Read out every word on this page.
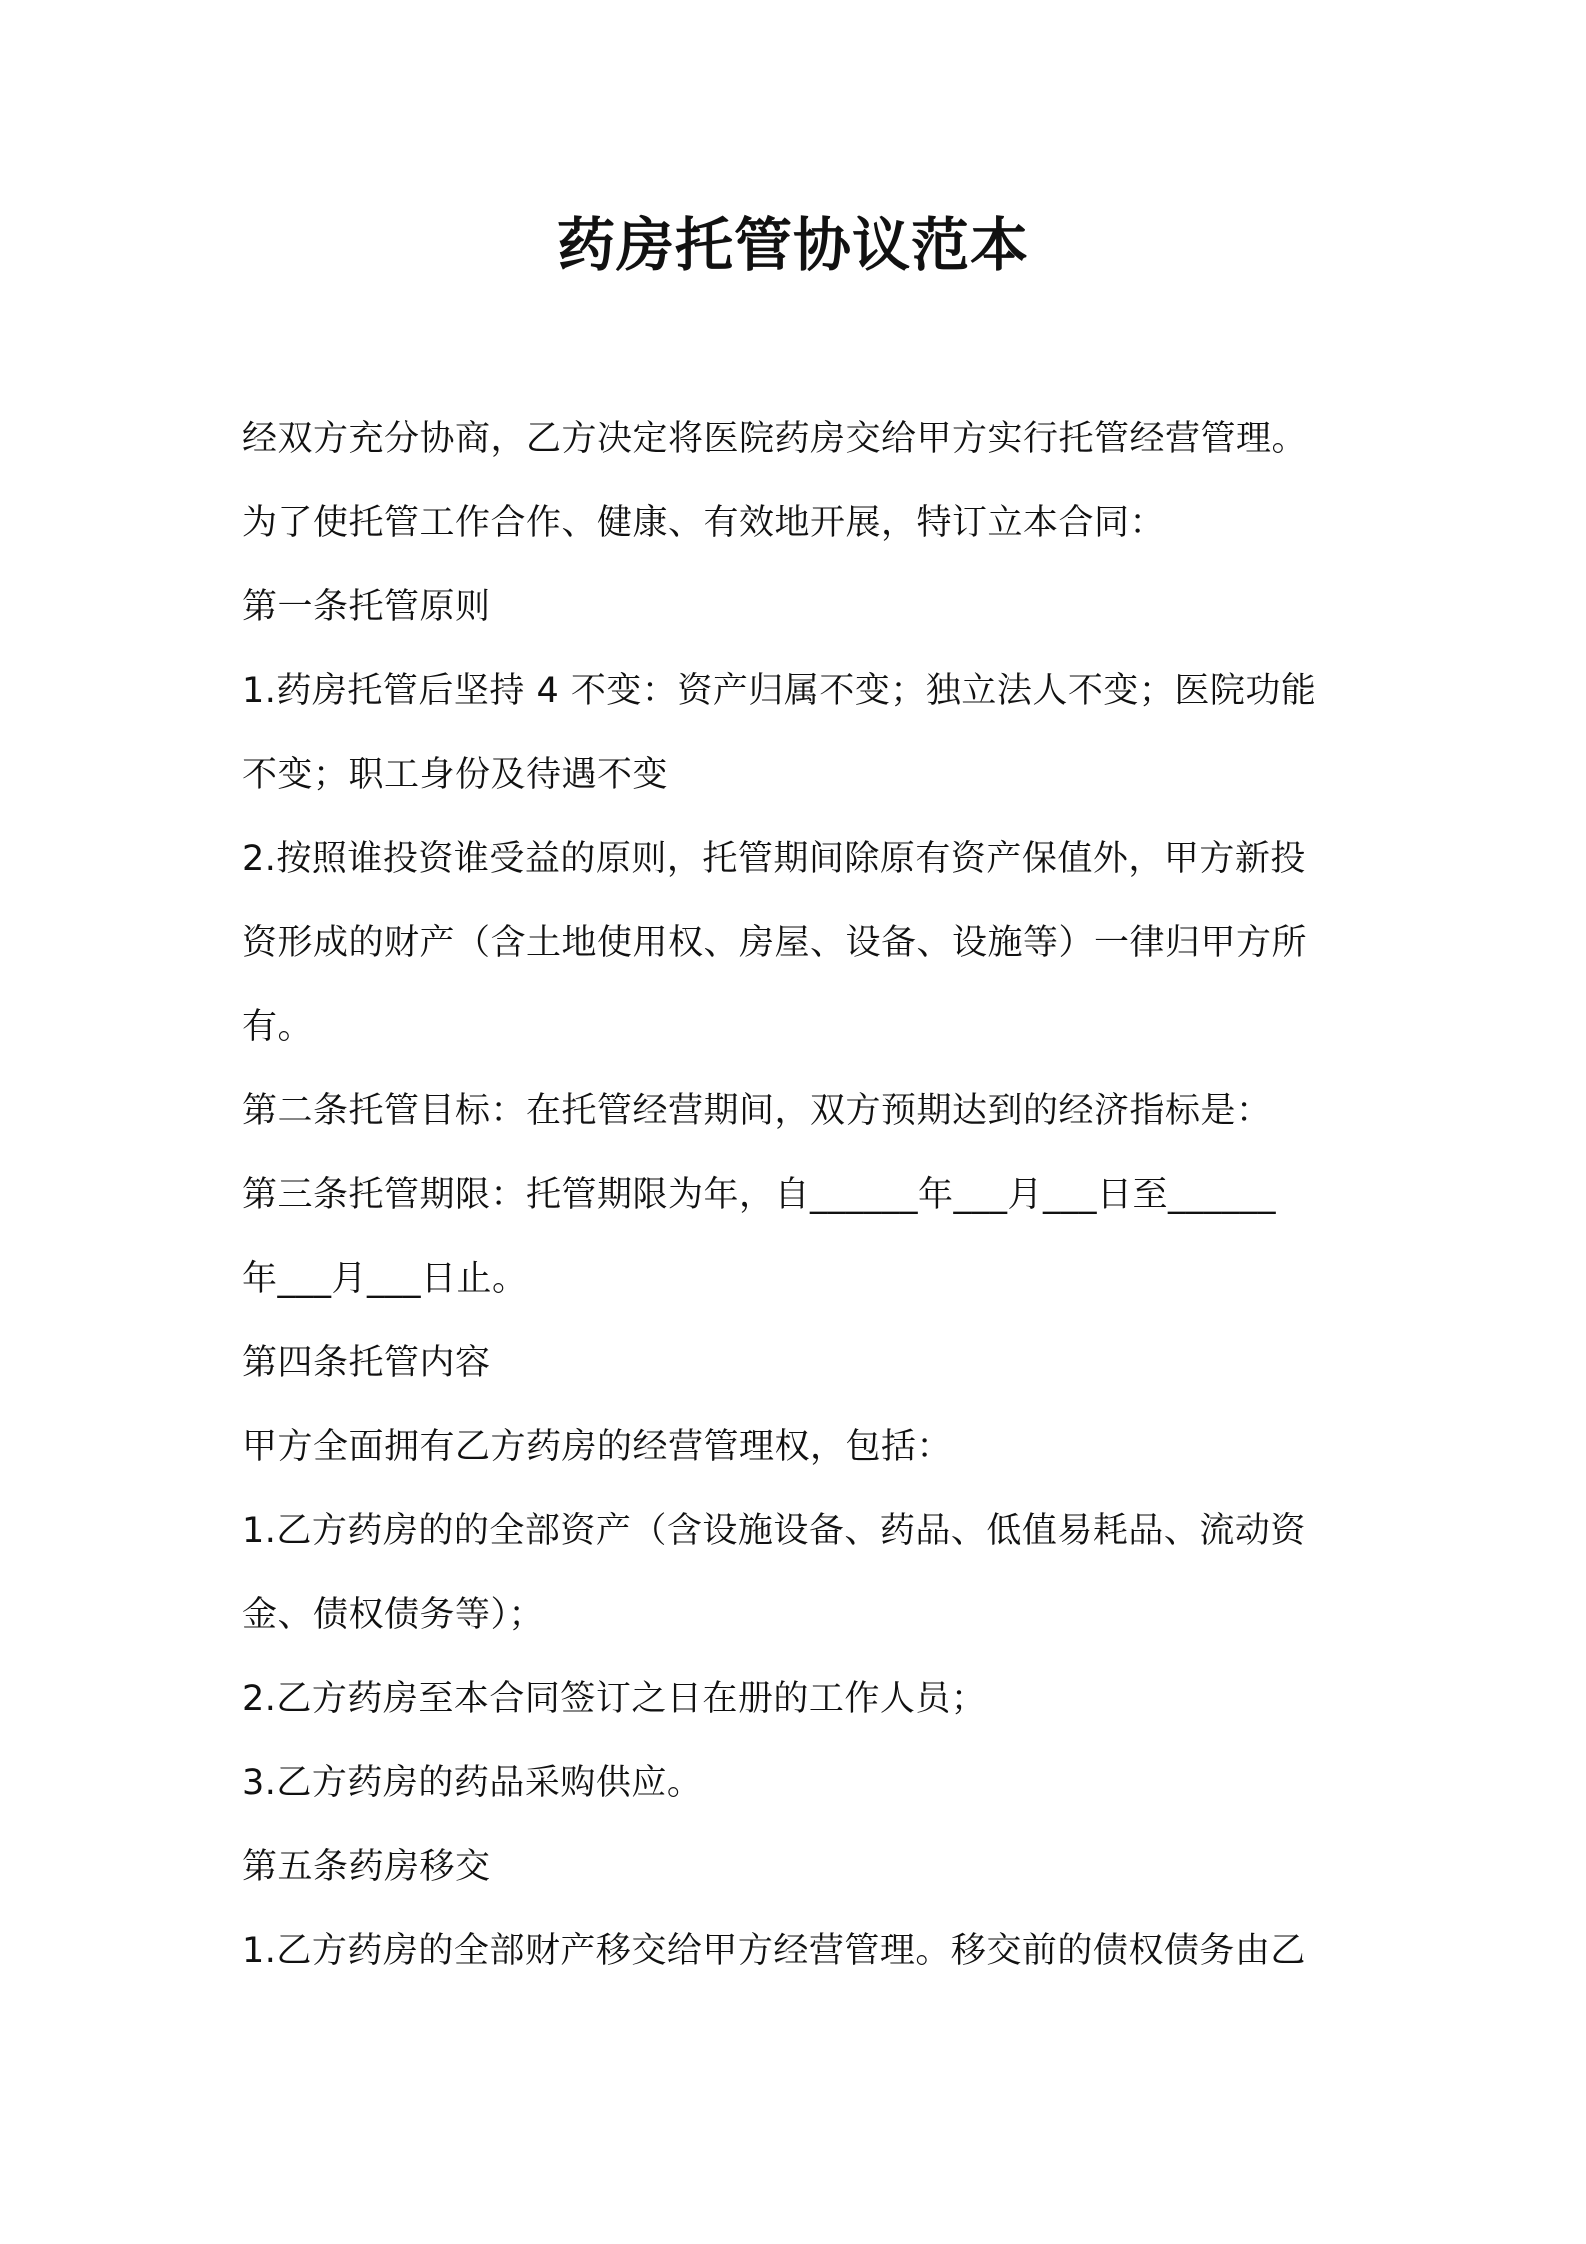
药房托管协议范本
经双方充分协商，乙方决定将医院药房交给甲方实行托管经营管理。
为了使托管工作合作、健康、有效地开展，特订立本合同：
第一条托管原则
1.药房托管后坚持 4 不变：资产归属不变；独立法人不变；医院功能
不变；职工身份及待遇不变
2.按照谁投资谁受益的原则，托管期间除原有资产保值外，甲方新投
资形成的财产（含土地使用权、房屋、设备、设施等）一律归甲方所
有。
第二条托管目标：在托管经营期间，双方预期达到的经济指标是：
第三条托管期限：托管期限为年，自______年___月___日至______
年___月___日止。
第四条托管内容
甲方全面拥有乙方药房的经营管理权，包括：
1.乙方药房的的全部资产（含设施设备、药品、低值易耗品、流动资
金、债权债务等）；
2.乙方药房至本合同签订之日在册的工作人员；
3.乙方药房的药品采购供应。
第五条药房移交
1.乙方药房的全部财产移交给甲方经营管理。移交前的债权债务由乙
